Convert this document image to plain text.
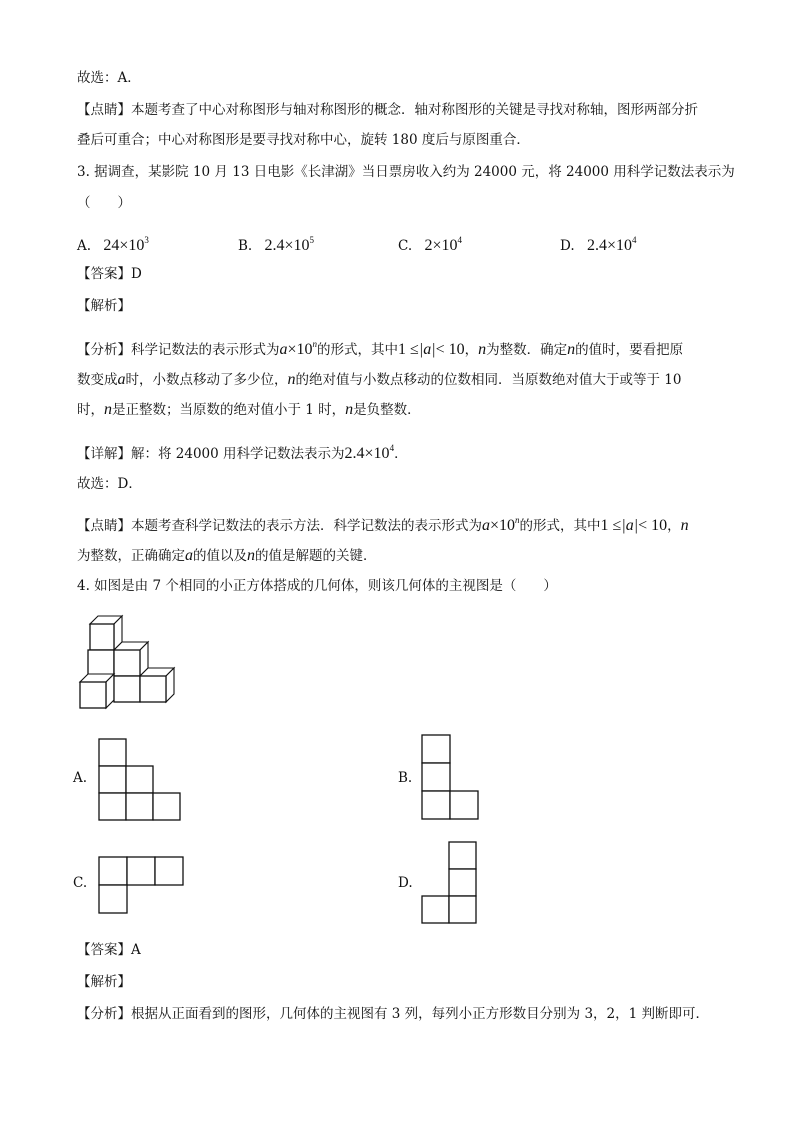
故选：A．
【点睛】本题考查了中心对称图形与轴对称图形的概念．轴对称图形的关键是寻找对称轴，图形两部分折
叠后可重合；中心对称图形是要寻找对称中心，旋转 180 度后与原图重合．
3. 据调查，某影院 10 月 13 日电影《长津湖》当日票房收入约为 24000 元，将 24000 用科学记数法表示为
（　　）
A. $24\times 10^3$	B. $2.4\times 10^5$	C. $2\times 10^4$	D. $2.4\times 10^4$
【答案】D
【解析】
【分析】科学记数法的表示形式为$a\times 10^n$的形式，其中1 ≤|a|< 10，n为整数．确定n的值时，要看把原
数变成a时，小数点移动了多少位，n的绝对值与小数点移动的位数相同．当原数绝对值大于或等于 10
时，n是正整数；当原数的绝对值小于 1 时，n是负整数．
【详解】解：将 24000 用科学记数法表示为$2.4\times 10^4$．
故选：D．
【点睛】本题考查科学记数法的表示方法．科学记数法的表示形式为$a\times 10^n$的形式，其中1 ≤|a|< 10，n
为整数，正确确定a的值以及n的值是解题的关键．
4. 如图是由 7 个相同的小正方体搭成的几何体，则该几何体的主视图是（　　）
A.	B.
C.	D.
【答案】A
【解析】
【分析】根据从正面看到的图形，几何体的主视图有 3 列，每列小正方形数目分别为 3，2，1 判断即可．
